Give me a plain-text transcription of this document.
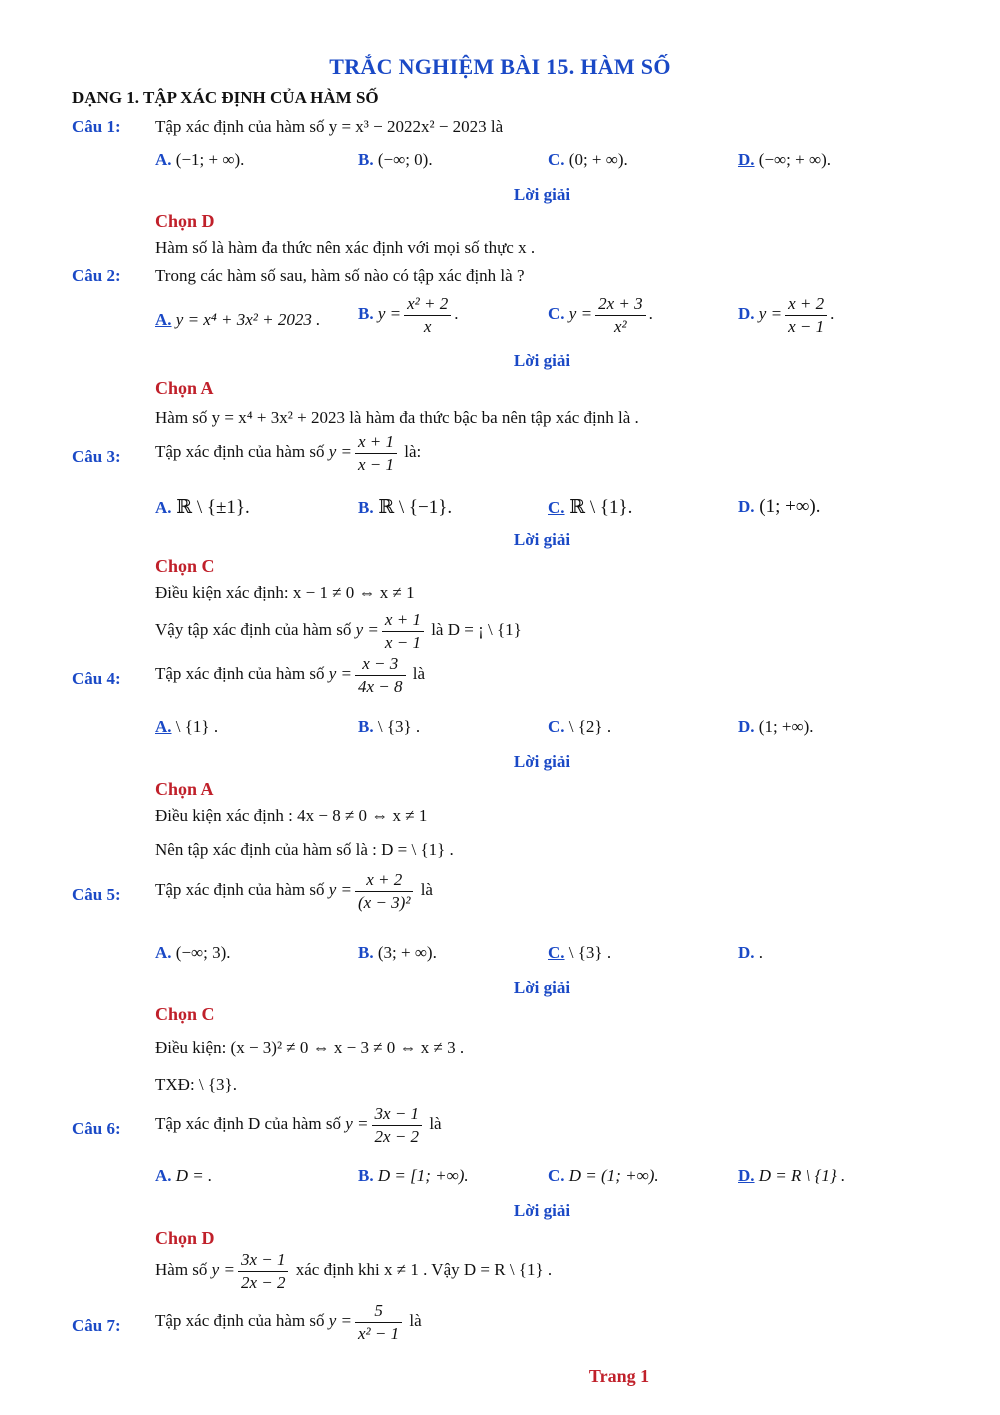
TRẮC NGHIỆM BÀI 15. HÀM SỐ
DẠNG 1. TẬP XÁC ĐỊNH CỦA HÀM SỐ
Câu 1: Tập xác định của hàm số y = x³ − 2022x² − 2023 là
A. (−1; + ∞).	B. (−∞; 0).	C. (0; + ∞).	D. (−∞; + ∞).
Lời giải
Chọn D
Hàm số là hàm đa thức nên xác định với mọi số thực x .
Câu 2: Trong các hàm số sau, hàm số nào có tập xác định là ?
A. y = x⁴ + 3x² + 2023 . B. $y = \frac{\text{x² + 2}}{x}$ .	C. $y = \frac{2x + 3}{\text{x²}}$ .	D. $y = \frac{x + 2}{x - 1}$ .
Lời giải
Chọn A
Hàm số y = x⁴ + 3x² + 2023 là hàm đa thức bậc ba nên tập xác định là .
Câu 3: Tập xác định của hàm số $y = \frac{x + 1}{x - 1}$ là:
A. ℝ \ {±1}.	B. ℝ \ {−1}.	C. ℝ \ {1}.	D. (1; +∞).
Lời giải
Chọn C
Điều kiện xác định: x − 1 ≠ 0 ⇔ x ≠ 1
Vậy tập xác định của hàm số $y = \frac{x + 1}{x - 1}$ là D = ¡ \ {1}
Câu 4: Tập xác định của hàm số $y = \frac{x - 3}{4x - 8}$ là
A. \ {1} .	B. \ {3} .	C. \ {2} .	D. (1; +∞).
Lời giải
Chọn A
Điều kiện xác định : 4x − 8 ≠ 0 ⇔ x ≠ 1
Nên tập xác định của hàm số là : D = \ {1} .
Câu 5: Tập xác định của hàm số $y = \frac{x + 2}{\text{(x − 3)²}}$ là
A. (−∞; 3).	B. (3; + ∞).	C. \ {3} .	D. .
Lời giải
Chọn C
Điều kiện: (x − 3)² ≠ 0 ⇔ x − 3 ≠ 0 ⇔ x ≠ 3 .
TXĐ: \ {3}.
Câu 6: Tập xác định D của hàm số $y = \frac{3x - 1}{2x - 2}$ là
A. D = .	B. D = [1; +∞).	C. D = (1; +∞).	D. D = R \ {1} .
Lời giải
Chọn D
Hàm số $y = \frac{3x - 1}{2x - 2}$ xác định khi x ≠ 1 . Vậy D = R \ {1} .
Câu 7: Tập xác định của hàm số $y = \frac{5}{\text{x² − 1}}$ là
Trang 1
